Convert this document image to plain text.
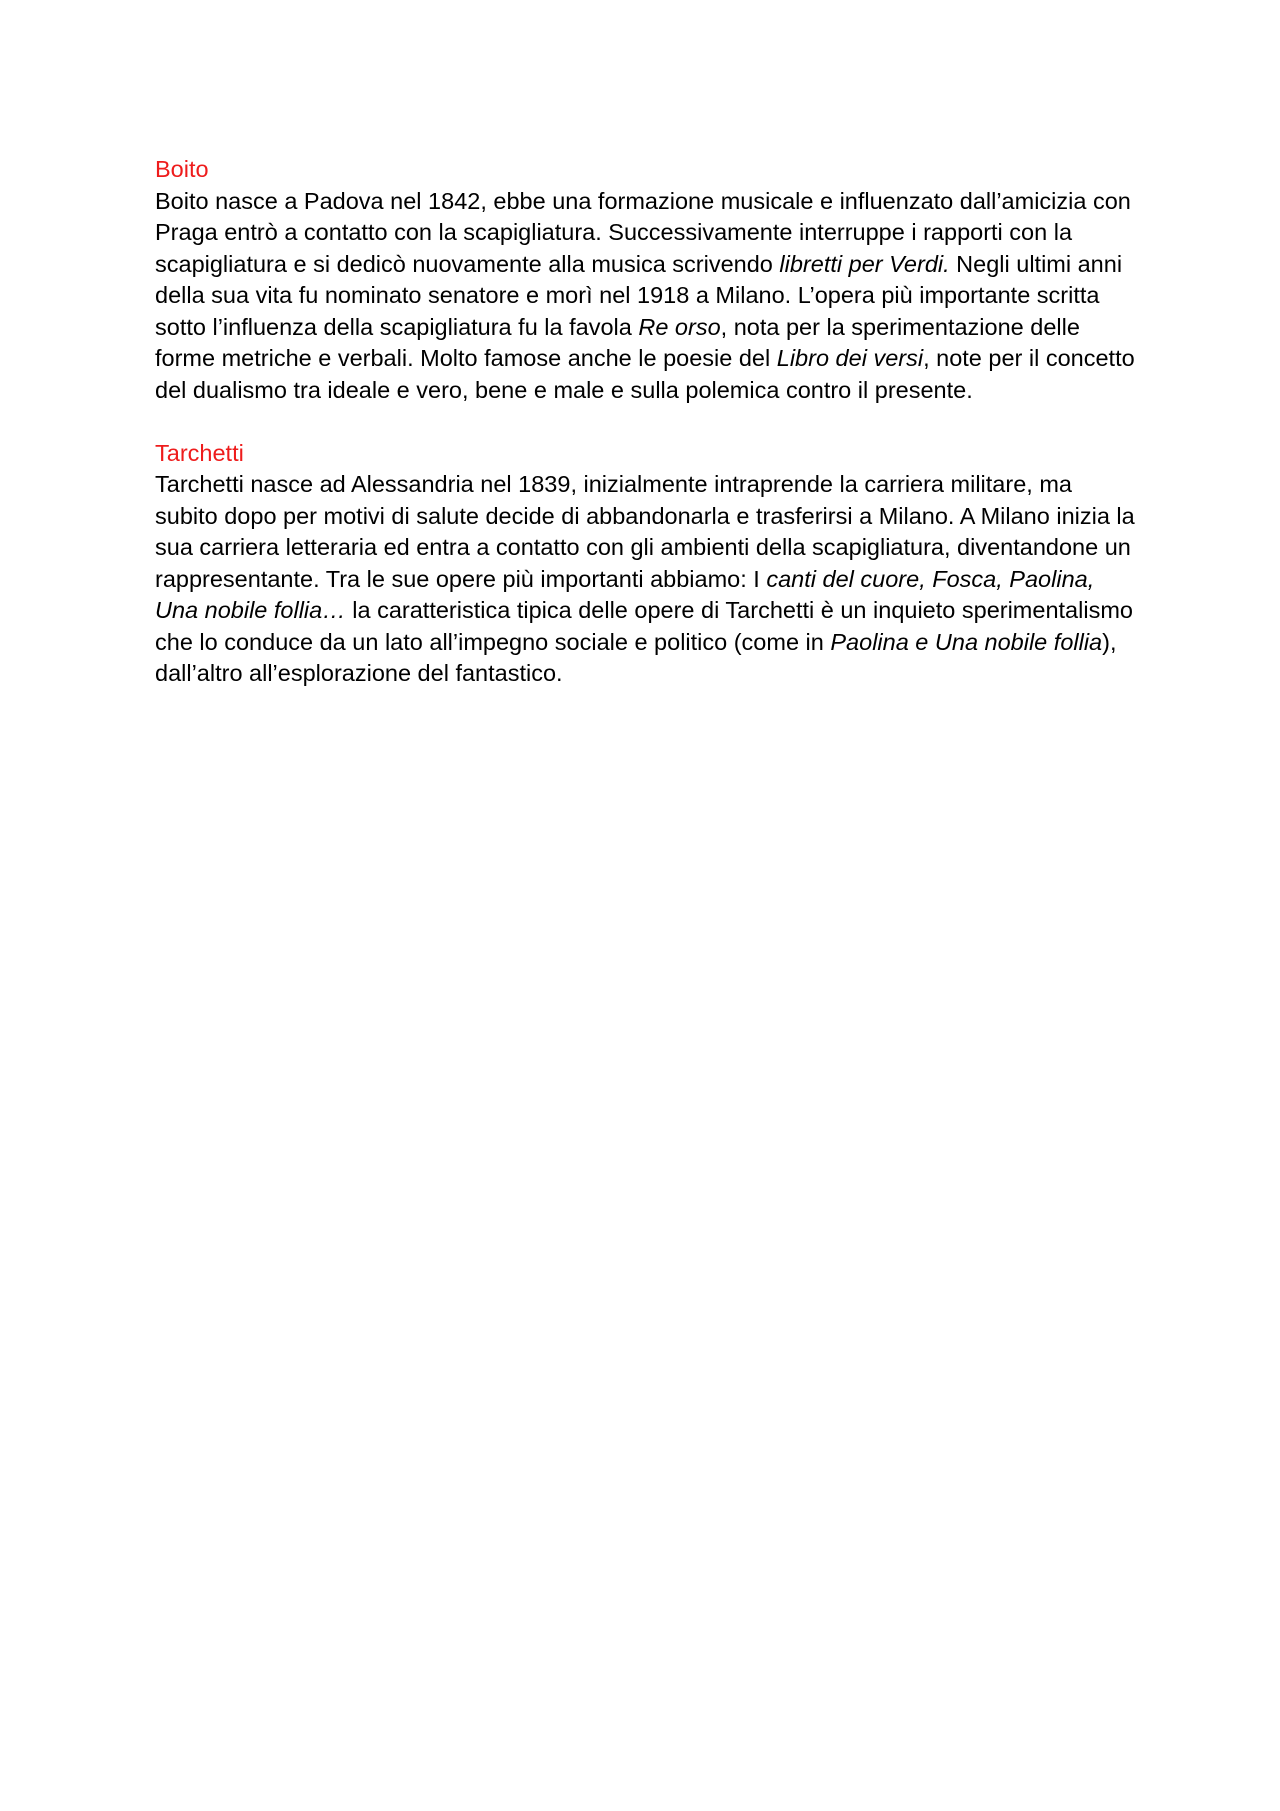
Boito

Boito nasce a Padova nel 1842, ebbe una formazione musicale e influenzato dall’amicizia con Praga entrò a contatto con la scapigliatura. Successivamente interruppe i rapporti con la scapigliatura e si dedicò nuovamente alla musica scrivendo libretti per Verdi. Negli ultimi anni della sua vita fu nominato senatore e morì nel 1918 a Milano. L’opera più importante scritta sotto l’influenza della scapigliatura fu la favola Re orso, nota per la sperimentazione delle forme metriche e verbali. Molto famose anche le poesie del Libro dei versi, note per il concetto del dualismo tra ideale e vero, bene e male e sulla polemica contro il presente.

Tarchetti

Tarchetti nasce ad Alessandria nel 1839, inizialmente intraprende la carriera militare, ma subito dopo per motivi di salute decide di abbandonarla e trasferirsi a Milano. A Milano inizia la sua carriera letteraria ed entra a contatto con gli ambienti della scapigliatura, diventandone un rappresentante. Tra le sue opere più importanti abbiamo: I canti del cuore, Fosca, Paolina, Una nobile follia… la caratteristica tipica delle opere di Tarchetti è un inquieto sperimentalismo che lo conduce da un lato all’impegno sociale e politico (come in Paolina e Una nobile follia), dall’altro all’esplorazione del fantastico.
